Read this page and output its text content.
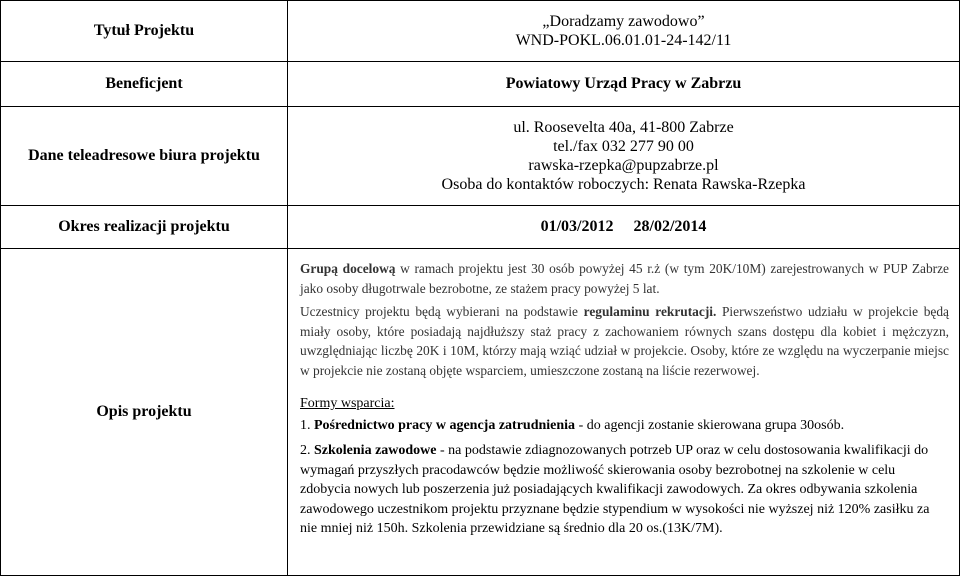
Tytuł Projektu	„Doradzamy zawodowo”
WND-POKL.06.01.01-24-142/11

Beneficjent	Powiatowy Urząd Pracy w Zabrzu
Dane teleadresowe biura projektu	ul. Roosevelta 40a, 41-800 Zabrze
tel./fax 032 277 90 00
rawska-rzepka@pupzabrze.pl
Osoba do kontaktów roboczych: Renata Rawska-Rzepka

Okres realizacji projektu	01/03/2012 28/02/2014
Opis projektu	Grupą docelową w ramach projektu jest 30 osób powyżej 45 r.ż (w tym 20K/10M) zarejestrowanych w PUP Zabrze jako osoby długotrwale bezrobotne, ze stażem pracy powyżej 5 lat.

Uczestnicy projektu będą wybierani na podstawie regulaminu rekrutacji. Pierwszeństwo udziału w projekcie będą miały osoby, które posiadają najdłuższy staż pracy z zachowaniem równych szans dostępu dla kobiet i mężczyzn, uwzględniając liczbę 20K i 10M, którzy mają wziąć udział w projekcie. Osoby, które ze względu na wyczerpanie miejsc w projekcie nie zostaną objęte wsparciem, umieszczone zostaną na liście rezerwowej.

Formy wsparcia:

1. Pośrednictwo pracy w agencja zatrudnienia - do agencji zostanie skierowana grupa 30osób.

2. Szkolenia zawodowe - na podstawie zdiagnozowanych potrzeb UP oraz w celu dostosowania kwalifikacji do wymagań przyszłych pracodawców będzie możliwość skierowania osoby bezrobotnej na szkolenie w celu zdobycia nowych lub poszerzenia już posiadających kwalifikacji zawodowych. Za okres odbywania szkolenia zawodowego uczestnikom projektu przyznane będzie stypendium w wysokości nie wyższej niż 120% zasiłku za nie mniej niż 150h. Szkolenia przewidziane są średnio dla 20 os.(13K/7M).
